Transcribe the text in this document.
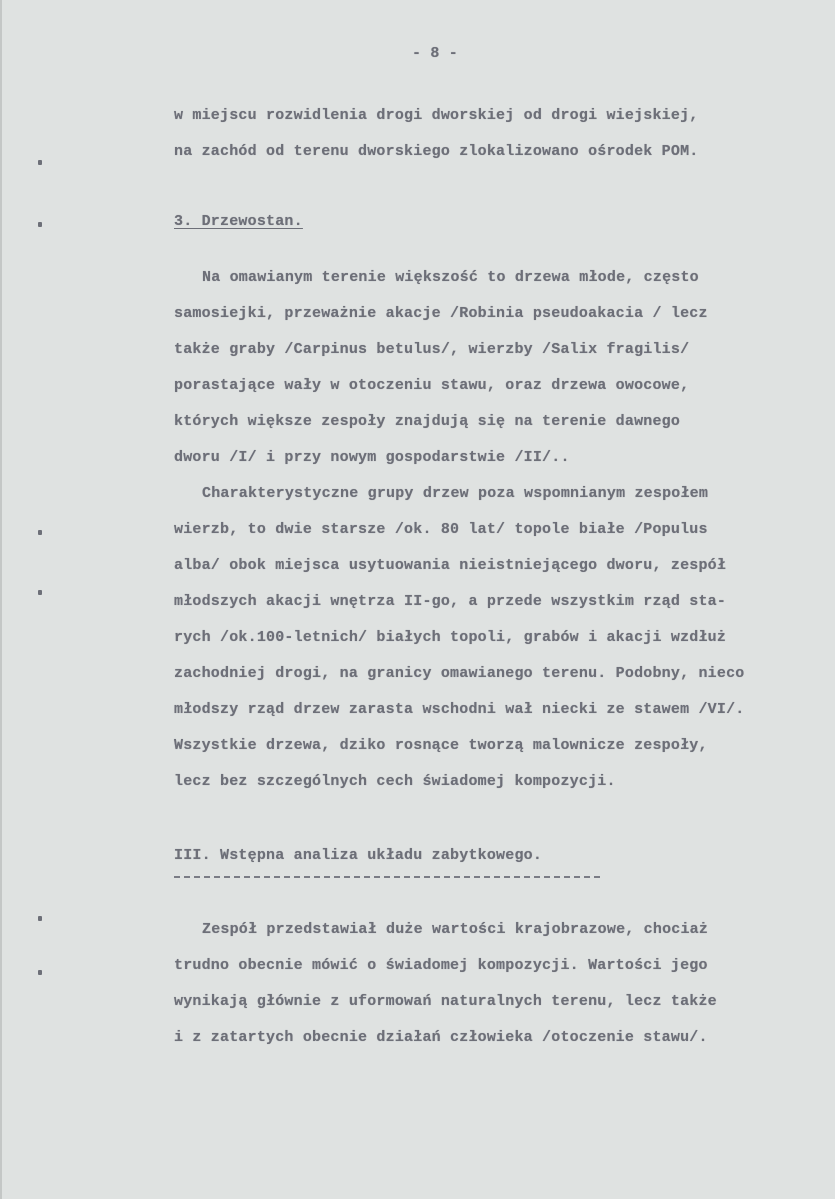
- 8 -
w miejscu rozwidlenia drogi dworskiej od drogi wiejskiej,
na zachód od terenu dworskiego zlokalizowano ośrodek POM.
3. Drzewostan.
Na omawianym terenie większość to drzewa młode, często
samosiejki, przeważnie akacje /Robinia pseudoakacia / lecz
także graby /Carpinus betulus/, wierzby /Salix fragilis/
porastające wały w otoczeniu stawu, oraz drzewa owocowe,
których większe zespoły znajdują się na terenie dawnego
dworu /I/ i przy nowym gospodarstwie /II/..
Charakterystyczne grupy drzew poza wspomnianym zespołem
wierzb, to dwie starsze /ok. 80 lat/ topole białe /Populus
alba/ obok miejsca usytuowania nieistniejącego dworu, zespół
młodszych akacji wnętrza II-go, a przede wszystkim rząd sta-
rych /ok.100-letnich/ białych topoli, grabów i akacji wzdłuż
zachodniej drogi, na granicy omawianego terenu. Podobny, nieco
młodszy rząd drzew zarasta wschodni wał niecki ze stawem /VI/.
Wszystkie drzewa, dziko rosnące tworzą malownicze zespoły,
lecz bez szczególnych cech świadomej kompozycji.
III. Wstępna analiza układu zabytkowego.
Zespół przedstawiał duże wartości krajobrazowe, chociaż
trudno obecnie mówić o świadomej kompozycji. Wartości jego
wynikają głównie z uformowań naturalnych terenu, lecz także
i z zatartych obecnie działań człowieka /otoczenie stawu/.
